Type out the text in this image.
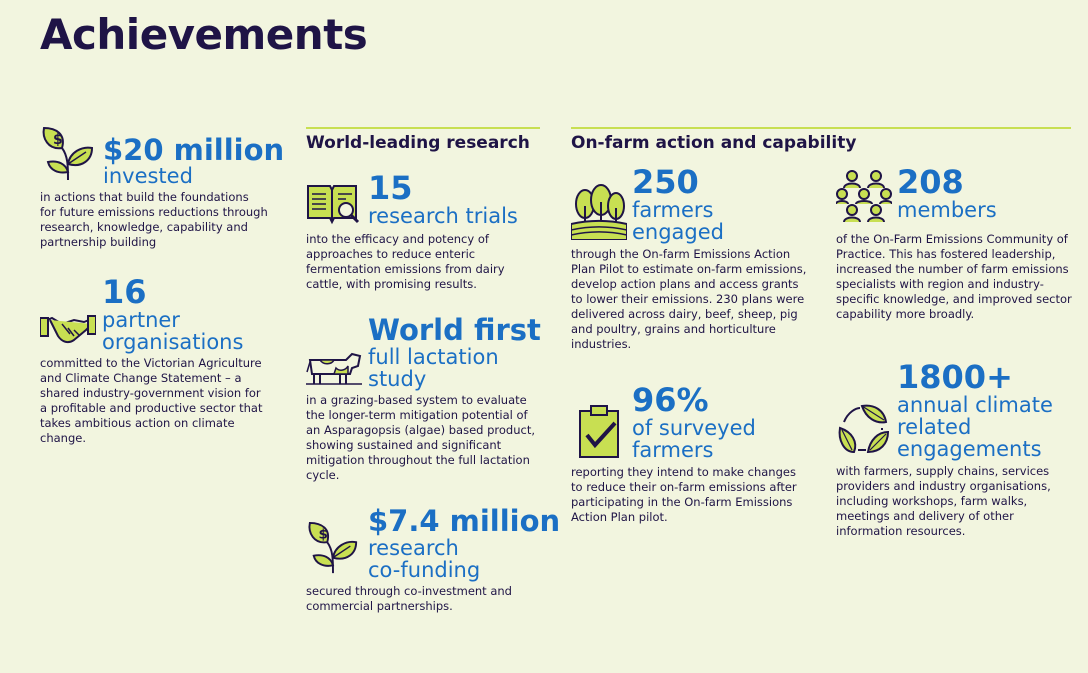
Achievements
$ $20 million
invested

in actions that build the foundations for future emissions reductions through research, knowledge, capability and partnership building

16
partner
organisations

committed to the Victorian Agriculture and Climate Change Statement – a shared industry-government vision for a profitable and productive sector that takes ambitious action on climate change.

World-leading research
15
research trials

into the efficacy and potency of approaches to reduce enteric fermentation emissions from dairy cattle, with promising results.

World first
full lactation
study

in a grazing-based system to evaluate the longer-term mitigation potential of an Asparagopsis (algae) based product, showing sustained and significant mitigation throughout the full lactation cycle.

$ $7.4 million
research
co-funding

secured through co-investment and commercial partnerships.

On-farm action and capability
250
farmers
engaged

through the On-farm Emissions Action Plan Pilot to estimate on-farm emissions, develop action plans and access grants to lower their emissions. 230 plans were delivered across dairy, beef, sheep, pig and poultry, grains and horticulture industries.

208
members

of the On-Farm Emissions Community of Practice. This has fostered leadership, increased the number of farm emissions specialists with region and industry-specific knowledge, and improved sector capability more broadly.

96%
of surveyed
farmers

reporting they intend to make changes to reduce their on-farm emissions after participating in the On-farm Emissions Action Plan pilot.

1800+
annual climate
related
engagements

with farmers, supply chains, services providers and industry organisations, including workshops, farm walks, meetings and delivery of other information resources.
